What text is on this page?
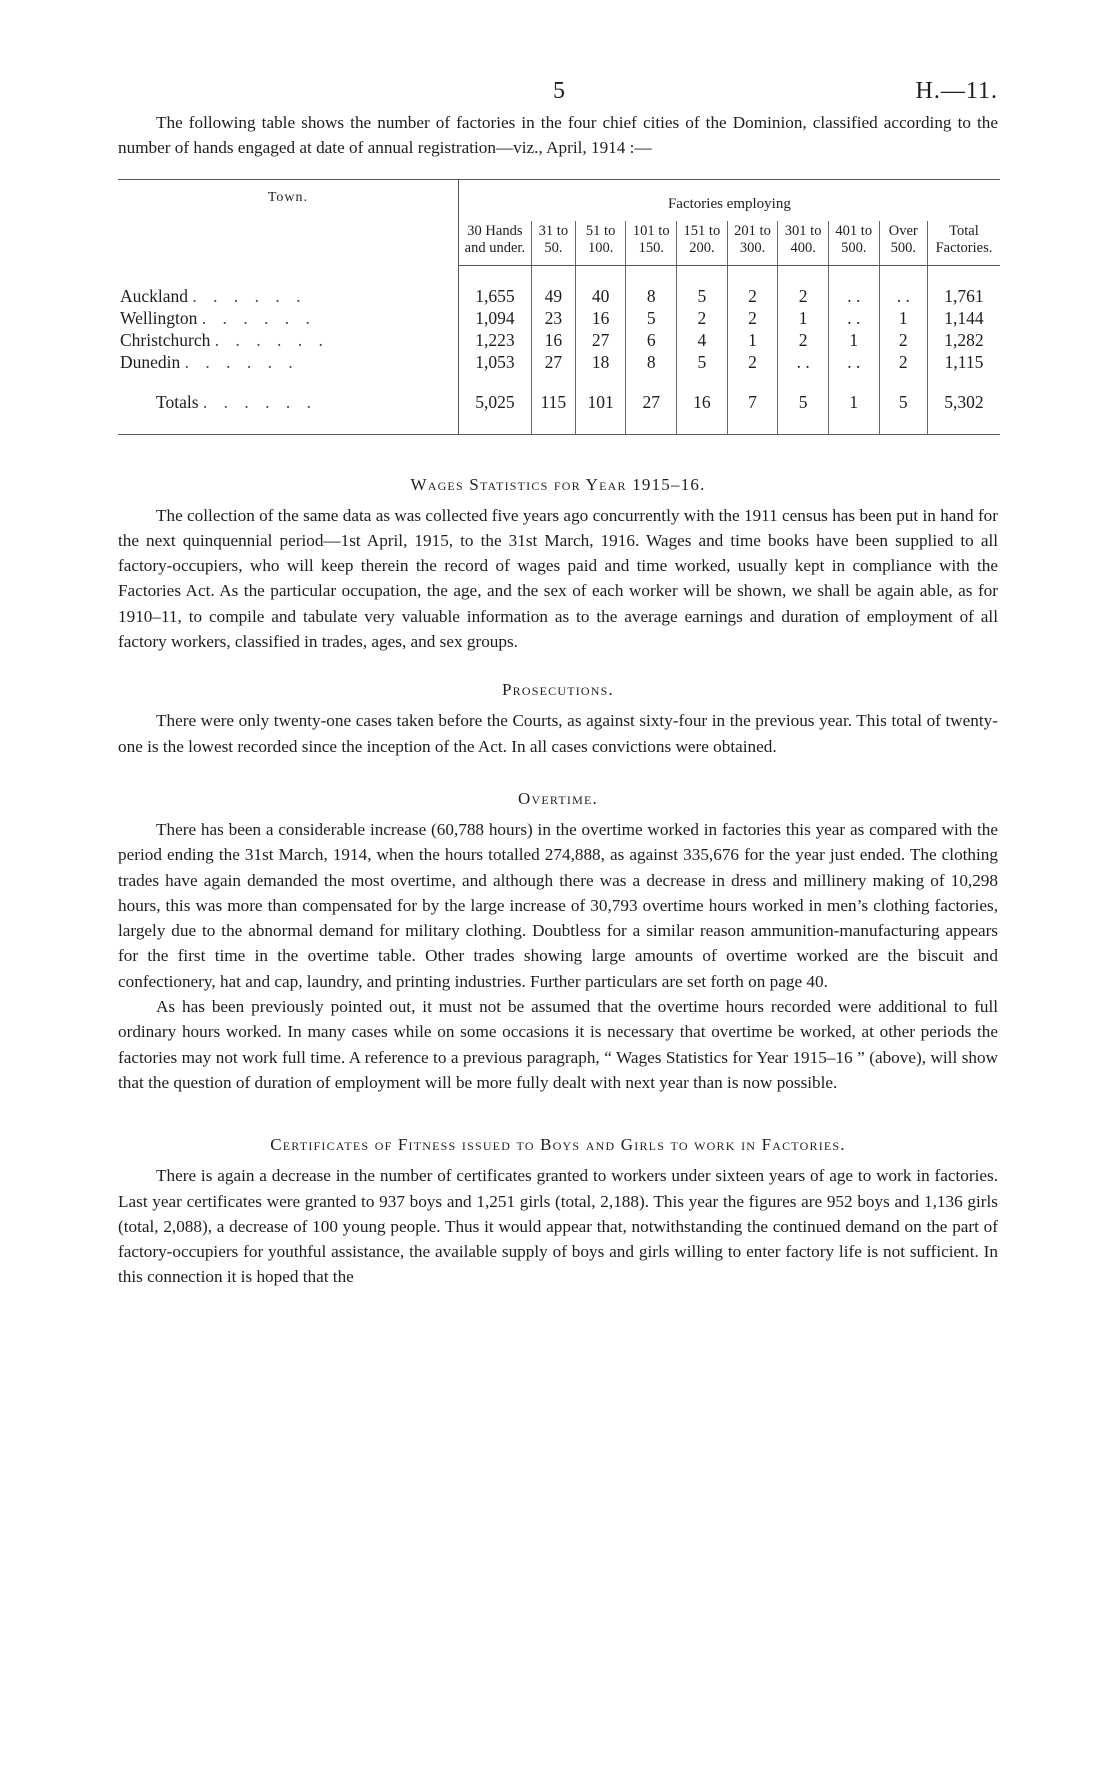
5	H.—11.

The following table shows the number of factories in the four chief cities of the Dominion, classified according to the number of hands engaged at date of annual registration—viz., April, 1914 :—

Town.	Factories employing									
	30 Hands and under.	31 to 50.	51 to 100.	101 to 150.	151 to 200.	201 to 300.	301 to 400.	401 to 500.	Over 500.	Total Factories.
Auckland . . . . . .	1,655	49	40	8	5	2	2	. .	. .	1,761
Wellington . . . . . .	1,094	23	16	5	2	2	1	. .	1	1,144
Christchurch . . . . . .	1,223	16	27	6	4	1	2	1	2	1,282
Dunedin . . . . . .	1,053	27	18	8	5	2	. .	. .	2	1,115
Totals . . . . . .	5,025	115	101	27	16	7	5	1	5	5,302
Wages Statistics for Year 1915–16.

The collection of the same data as was collected five years ago concurrently with the 1911 census has been put in hand for the next quinquennial period—1st April, 1915, to the 31st March, 1916. Wages and time books have been supplied to all factory-occupiers, who will keep therein the record of wages paid and time worked, usually kept in compliance with the Factories Act. As the particular occupation, the age, and the sex of each worker will be shown, we shall be again able, as for 1910–11, to compile and tabulate very valuable information as to the average earnings and duration of employment of all factory workers, classified in trades, ages, and sex groups.

Prosecutions.

There were only twenty-one cases taken before the Courts, as against sixty-four in the previous year. This total of twenty-one is the lowest recorded since the inception of the Act. In all cases convictions were obtained.

Overtime.

There has been a considerable increase (60,788 hours) in the overtime worked in factories this year as compared with the period ending the 31st March, 1914, when the hours totalled 274,888, as against 335,676 for the year just ended. The clothing trades have again demanded the most overtime, and although there was a decrease in dress and millinery making of 10,298 hours, this was more than compensated for by the large increase of 30,793 overtime hours worked in men’s clothing factories, largely due to the abnormal demand for military clothing. Doubtless for a similar reason ammunition-manufacturing appears for the first time in the overtime table. Other trades showing large amounts of overtime worked are the biscuit and confectionery, hat and cap, laundry, and printing industries. Further particulars are set forth on page 40.

As has been previously pointed out, it must not be assumed that the overtime hours recorded were additional to full ordinary hours worked. In many cases while on some occasions it is necessary that overtime be worked, at other periods the factories may not work full time. A reference to a previous paragraph, “ Wages Statistics for Year 1915–16 ” (above), will show that the question of duration of employment will be more fully dealt with next year than is now possible.

Certificates of Fitness issued to Boys and Girls to work in Factories.

There is again a decrease in the number of certificates granted to workers under sixteen years of age to work in factories. Last year certificates were granted to 937 boys and 1,251 girls (total, 2,188). This year the figures are 952 boys and 1,136 girls (total, 2,088), a decrease of 100 young people. Thus it would appear that, notwithstanding the continued demand on the part of factory-occupiers for youthful assistance, the available supply of boys and girls willing to enter factory life is not sufficient. In this connection it is hoped that the
